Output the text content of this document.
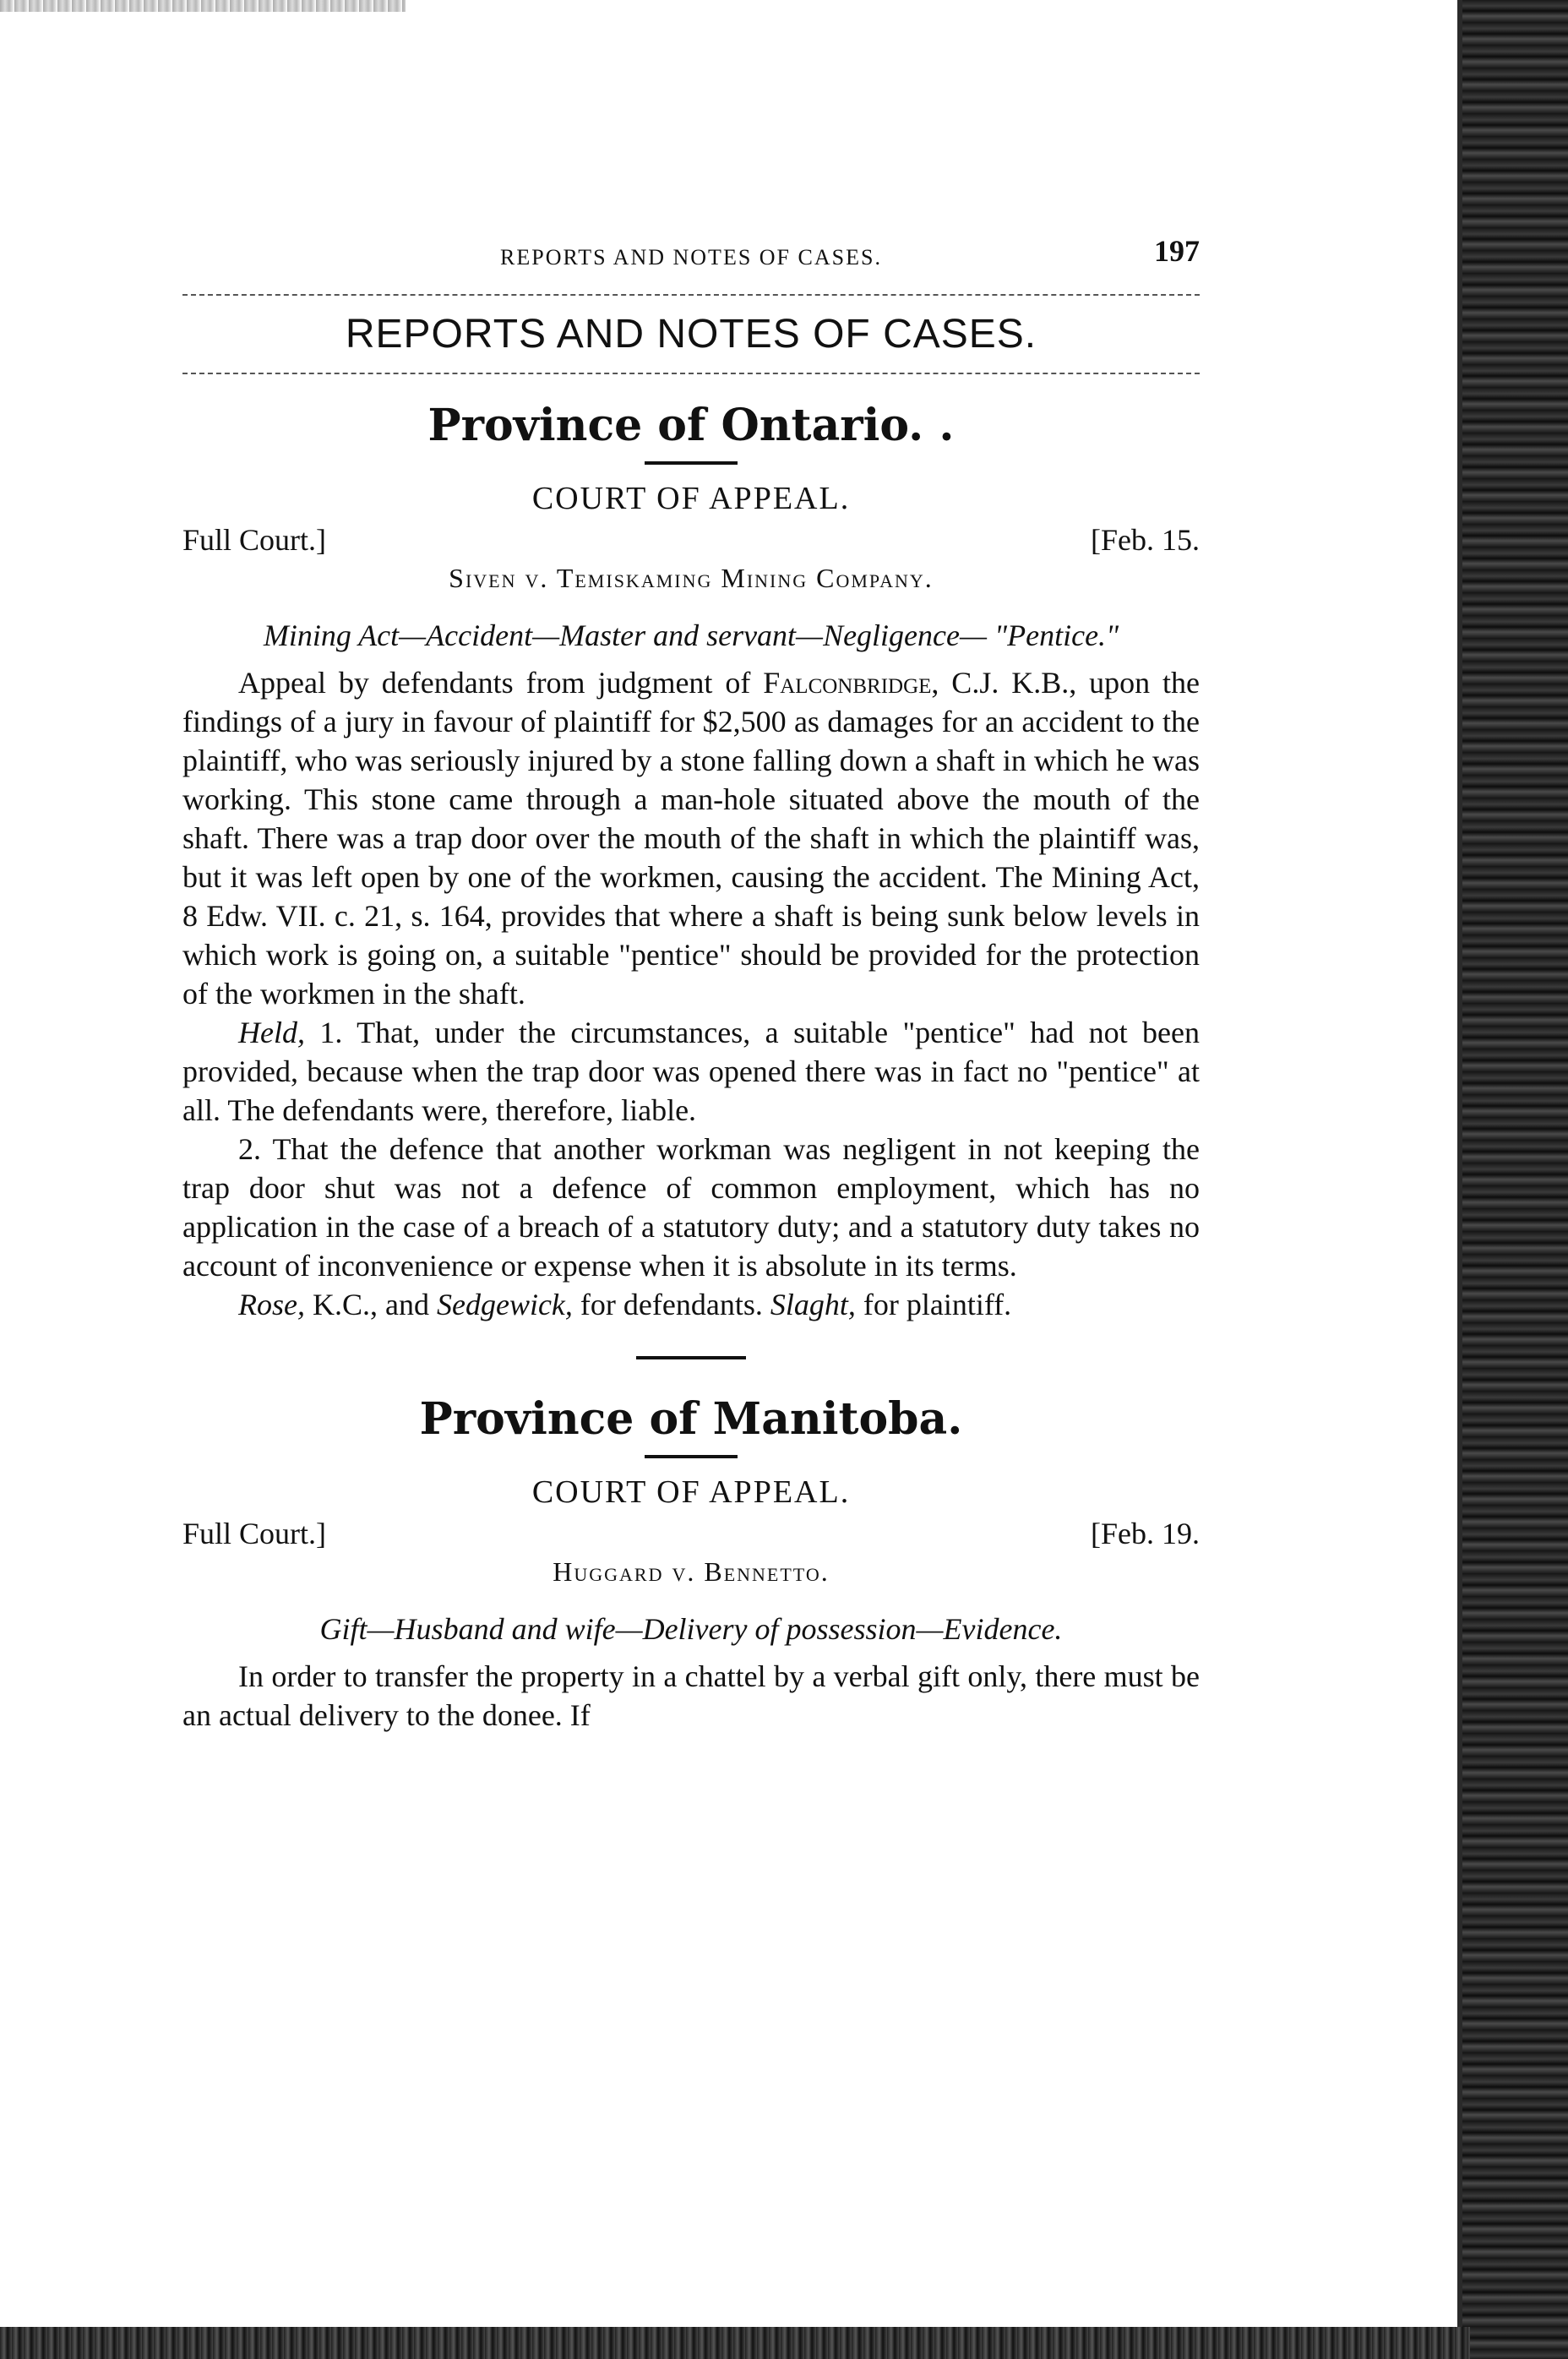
REPORTS AND NOTES OF CASES.	197
REPORTS AND NOTES OF CASES.
Province of Ontario. .
COURT OF APPEAL.
Full Court.]	[Feb. 15.
Siven v. Temiskaming Mining Company.
Mining Act—Accident—Master and servant—Negligence— "Pentice."

Appeal by defendants from judgment of Falconbridge, C.J. K.B., upon the findings of a jury in favour of plaintiff for $2,500 as damages for an accident to the plaintiff, who was seriously injured by a stone falling down a shaft in which he was working. This stone came through a man-hole situated above the mouth of the shaft. There was a trap door over the mouth of the shaft in which the plaintiff was, but it was left open by one of the workmen, causing the accident. The Mining Act, 8 Edw. VII. c. 21, s. 164, provides that where a shaft is being sunk below levels in which work is going on, a suitable "pentice" should be provided for the protection of the workmen in the shaft.

Held, 1. That, under the circumstances, a suitable "pentice" had not been provided, because when the trap door was opened there was in fact no "pentice" at all. The defendants were, therefore, liable.

2. That the defence that another workman was negligent in not keeping the trap door shut was not a defence of common employment, which has no application in the case of a breach of a statutory duty; and a statutory duty takes no account of inconvenience or expense when it is absolute in its terms.

Rose, K.C., and Sedgewick, for defendants. Slaght, for plaintiff.

Province of Manitoba.
COURT OF APPEAL.
Full Court.]	[Feb. 19.
Huggard v. Bennetto.
Gift—Husband and wife—Delivery of possession—Evidence.

In order to transfer the property in a chattel by a verbal gift only, there must be an actual delivery to the donee. If
